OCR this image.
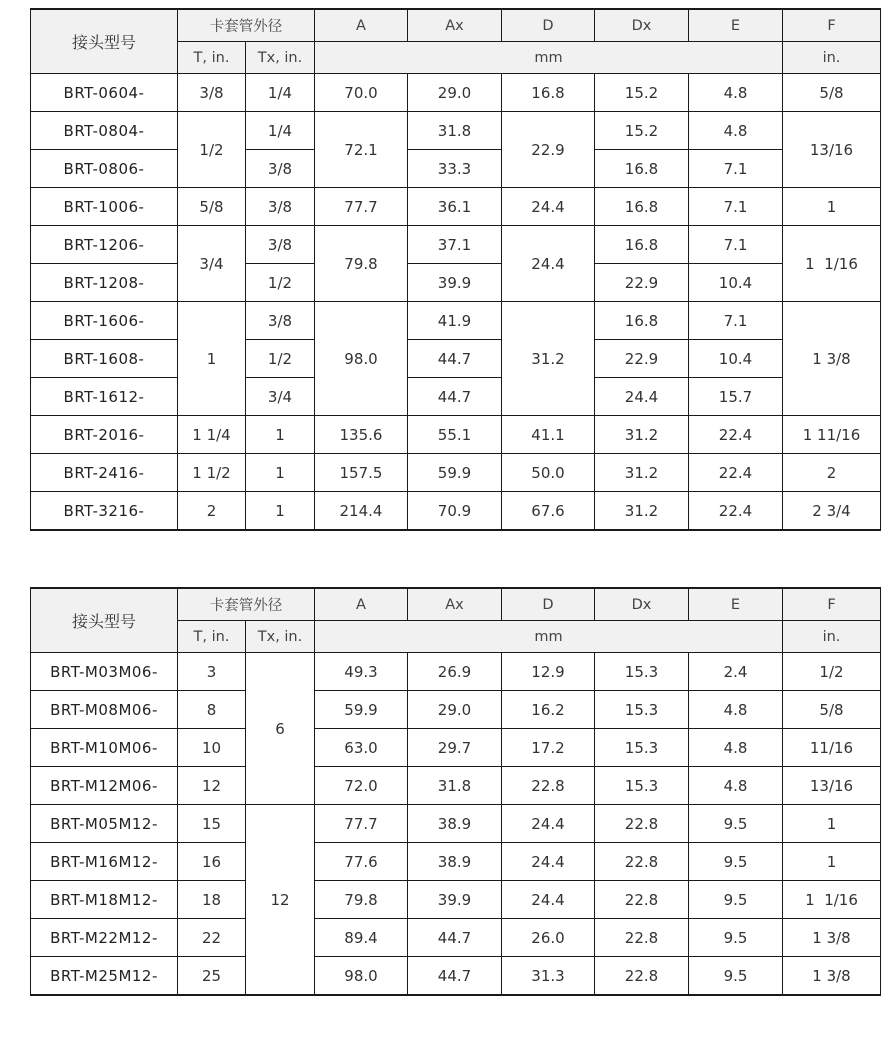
接头型号	卡套管外径		A	Ax	D	Dx	E	F
	T, in.	Tx, in.	mm					in.
BRT-0604-	3/8	1/4	70.0	29.0	16.8	15.2	4.8	5/8
BRT-0804-	1/2	1/4	72.1	31.8	22.9	15.2	4.8	13/16
BRT-0806-		3/8		33.3		16.8	7.1	
BRT-1006-	5/8	3/8	77.7	36.1	24.4	16.8	7.1	1
BRT-1206-	3/4	3/8	79.8	37.1	24.4	16.8	7.1	1  1/16
BRT-1208-		1/2		39.9		22.9	10.4	
BRT-1606-	1	3/8	98.0	41.9	31.2	16.8	7.1	1 3/8
BRT-1608-		1/2		44.7		22.9	10.4	
BRT-1612-		3/4		44.7		24.4	15.7	
BRT-2016-	1 1/4	1	135.6	55.1	41.1	31.2	22.4	1 11/16
BRT-2416-	1 1/2	1	157.5	59.9	50.0	31.2	22.4	2
BRT-3216-	2	1	214.4	70.9	67.6	31.2	22.4	2 3/4
接头型号	卡套管外径		A	Ax	D	Dx	E	F
	T, in.	Tx, in.	mm					in.
BRT-M03M06-	3	6	49.3	26.9	12.9	15.3	2.4	1/2
BRT-M08M06-	8		59.9	29.0	16.2	15.3	4.8	5/8
BRT-M10M06-	10		63.0	29.7	17.2	15.3	4.8	11/16
BRT-M12M06-	12		72.0	31.8	22.8	15.3	4.8	13/16
BRT-M05M12-	15	12	77.7	38.9	24.4	22.8	9.5	1
BRT-M16M12-	16		77.6	38.9	24.4	22.8	9.5	1
BRT-M18M12-	18		79.8	39.9	24.4	22.8	9.5	1  1/16
BRT-M22M12-	22		89.4	44.7	26.0	22.8	9.5	1 3/8
BRT-M25M12-	25		98.0	44.7	31.3	22.8	9.5	1 3/8
